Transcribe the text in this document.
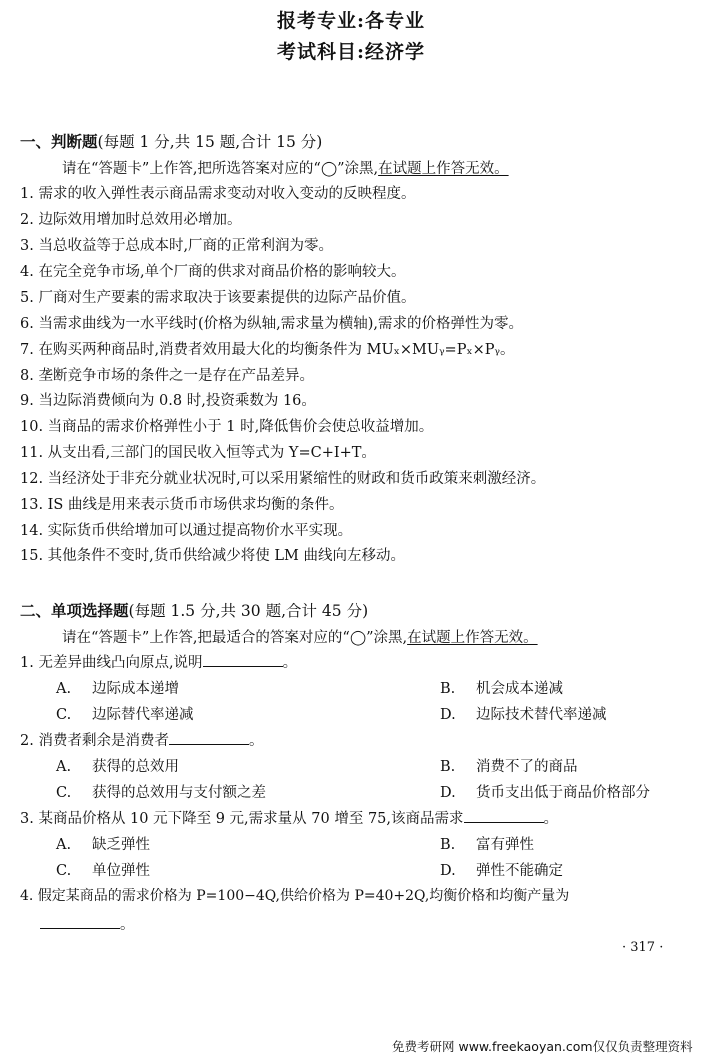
报考专业:各专业
考试科目:经济学
一、判断题(每题 1 分,共 15 题,合计 15 分)
请在“答题卡”上作答,把所选答案对应的“◯”涂黑,在试题上作答无效。
1. 需求的收入弹性表示商品需求变动对收入变动的反映程度。
2. 边际效用增加时总效用必增加。
3. 当总收益等于总成本时,厂商的正常利润为零。
4. 在完全竞争市场,单个厂商的供求对商品价格的影响较大。
5. 厂商对生产要素的需求取决于该要素提供的边际产品价值。
6. 当需求曲线为一水平线时(价格为纵轴,需求量为横轴),需求的价格弹性为零。
7. 在购买两种商品时,消费者效用最大化的均衡条件为 MUₓ×MUᵧ=Pₓ×Pᵧ。
8. 垄断竞争市场的条件之一是存在产品差异。
9. 当边际消费倾向为 0.8 时,投资乘数为 16。
10. 当商品的需求价格弹性小于 1 时,降低售价会使总收益增加。
11. 从支出看,三部门的国民收入恒等式为 Y=C+I+T。
12. 当经济处于非充分就业状况时,可以采用紧缩性的财政和货币政策来刺激经济。
13. IS 曲线是用来表示货币市场供求均衡的条件。
14. 实际货币供给增加可以通过提高物价水平实现。
15. 其他条件不变时,货币供给减少将使 LM 曲线向左移动。
二、单项选择题(每题 1.5 分,共 30 题,合计 45 分)
请在“答题卡”上作答,把最适合的答案对应的“◯”涂黑,在试题上作答无效。
1. 无差异曲线凸向原点,说明	。
A. 边际成本递增	B. 机会成本递减
C. 边际替代率递减	D. 边际技术替代率递减
2. 消费者剩余是消费者	。
A. 获得的总效用	B. 消费不了的商品
C. 获得的总效用与支付额之差	D. 货币支出低于商品价格部分
3. 某商品价格从 10 元下降至 9 元,需求量从 70 增至 75,该商品需求	。
A. 缺乏弹性	B. 富有弹性
C. 单位弹性	D. 弹性不能确定
4. 假定某商品的需求价格为 P=100−4Q,供给价格为 P=40+2Q,均衡价格和均衡产量为
。
· 317 ·
免费考研网 www.freekaoyan.com仅仅负责整理资料
